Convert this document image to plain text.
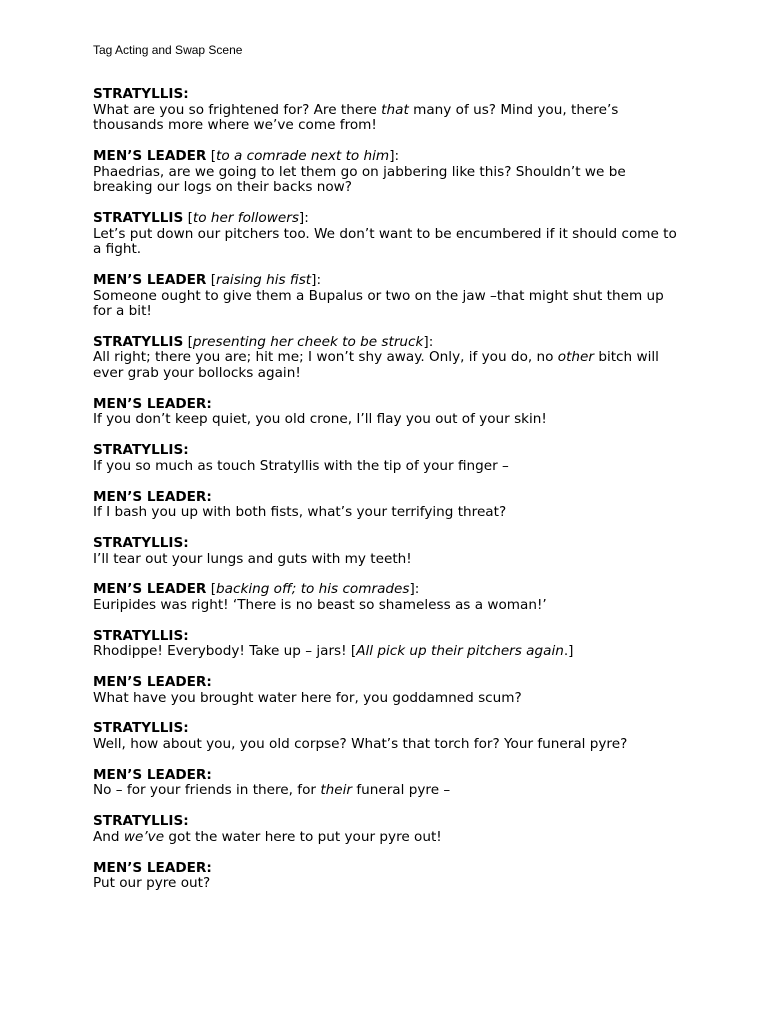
Tag Acting and Swap Scene
STRATYLLIS:
What are you so frightened for? Are there that many of us? Mind you, there’s thousands more where we’ve come from!
MEN’S LEADER [to a comrade next to him]:
Phaedrias, are we going to let them go on jabbering like this? Shouldn’t we be breaking our logs on their backs now?
STRATYLLIS [to her followers]:
Let’s put down our pitchers too. We don’t want to be encumbered if it should come to a fight.
MEN’S LEADER [raising his fist]:
Someone ought to give them a Bupalus or two on the jaw –that might shut them up for a bit!
STRATYLLIS [presenting her cheek to be struck]:
All right; there you are; hit me; I won’t shy away. Only, if you do, no other bitch will ever grab your bollocks again!
MEN’S LEADER:
If you don’t keep quiet, you old crone, I’ll flay you out of your skin!
STRATYLLIS:
If you so much as touch Stratyllis with the tip of your finger –
MEN’S LEADER:
If I bash you up with both fists, what’s your terrifying threat?
STRATYLLIS:
I’ll tear out your lungs and guts with my teeth!
MEN’S LEADER [backing off; to his comrades]:
Euripides was right! ‘There is no beast so shameless as a woman!’
STRATYLLIS:
Rhodippe! Everybody! Take up – jars! [All pick up their pitchers again.]
MEN’S LEADER:
What have you brought water here for, you goddamned scum?
STRATYLLIS:
Well, how about you, you old corpse? What’s that torch for? Your funeral pyre?
MEN’S LEADER:
No – for your friends in there, for their funeral pyre –
STRATYLLIS:
And we’ve got the water here to put your pyre out!
MEN’S LEADER:
Put our pyre out?
